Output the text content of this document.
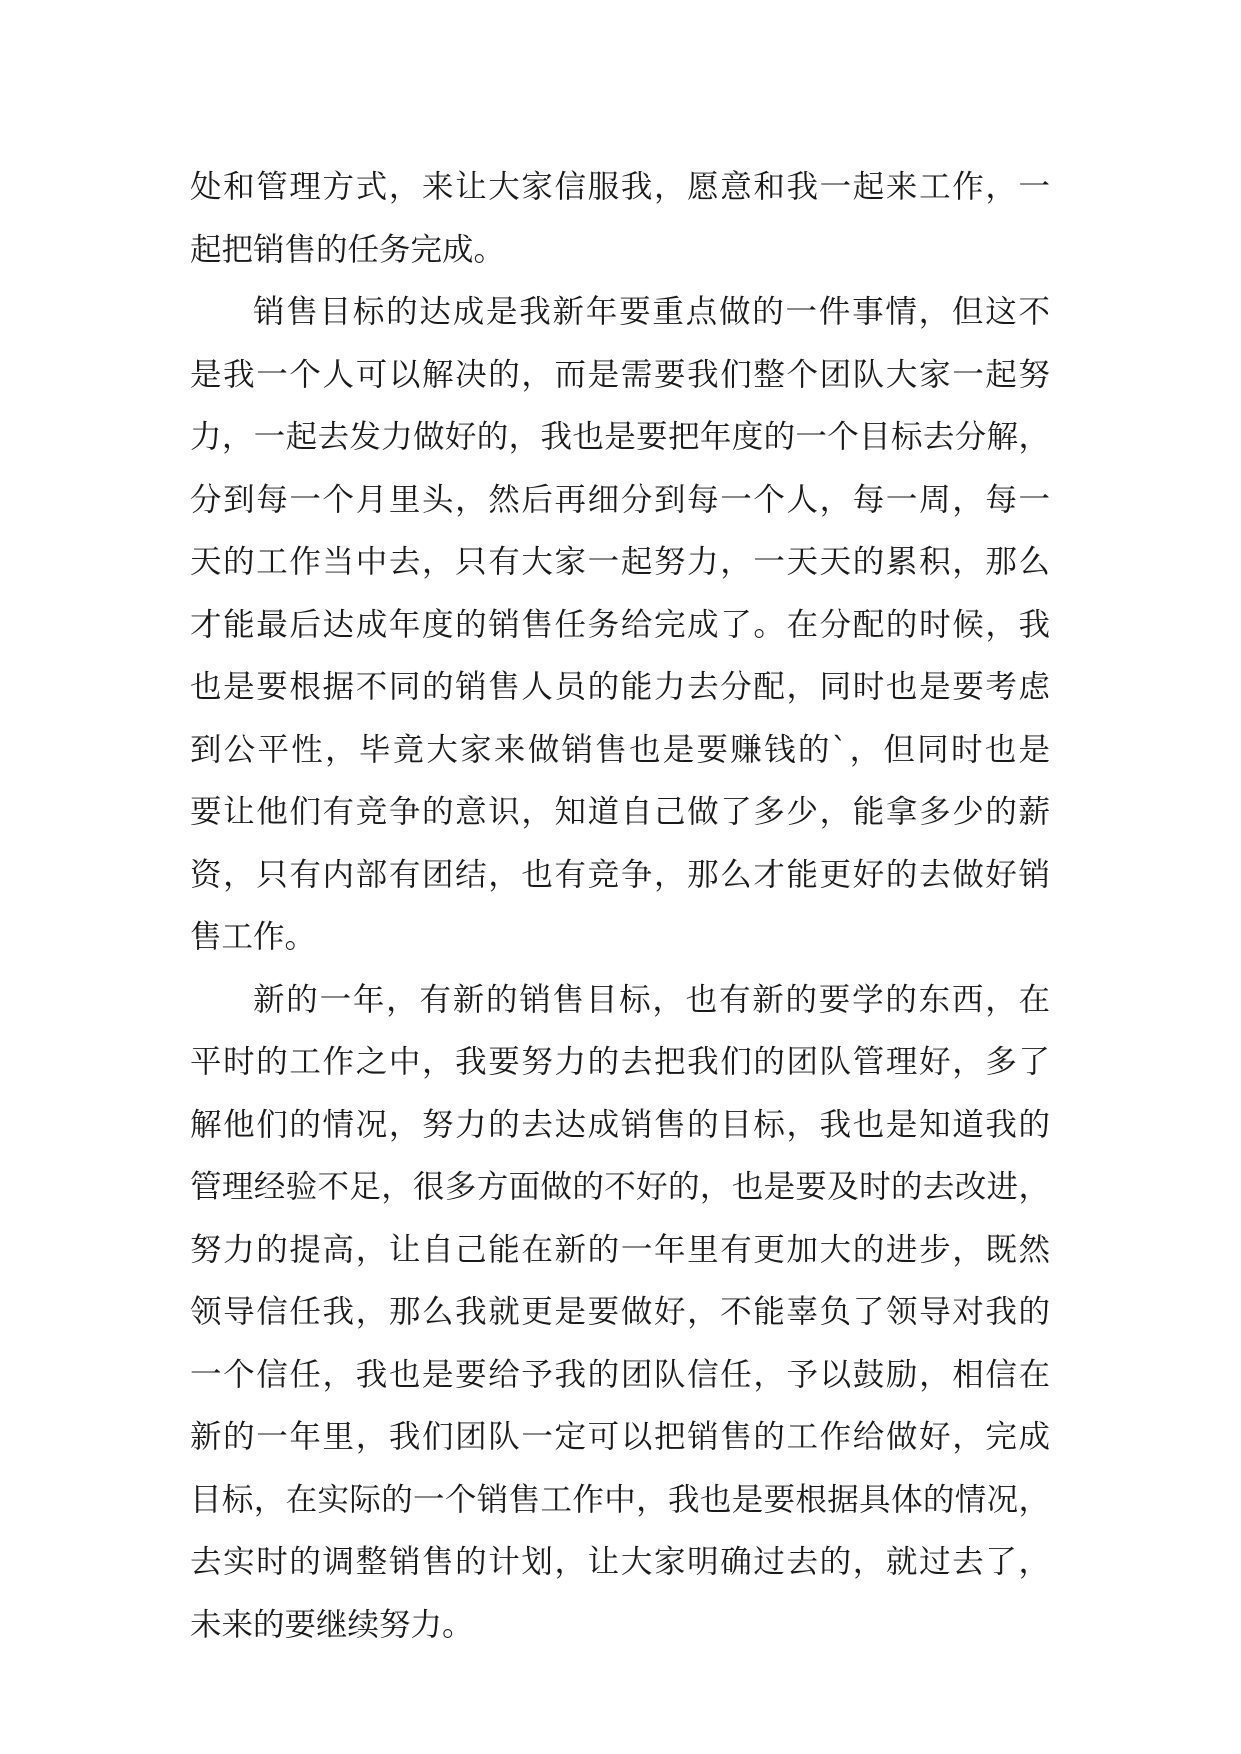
处和管理方式，来让大家信服我，愿意和我一起来工作，一
起把销售的任务完成。
销售目标的达成是我新年要重点做的一件事情，但这不
是我一个人可以解决的，而是需要我们整个团队大家一起努
力，一起去发力做好的，我也是要把年度的一个目标去分解，
分到每一个月里头，然后再细分到每一个人，每一周，每一
天的工作当中去，只有大家一起努力，一天天的累积，那么
才能最后达成年度的销售任务给完成了。在分配的时候，我
也是要根据不同的销售人员的能力去分配，同时也是要考虑
到公平性，毕竟大家来做销售也是要赚钱的`，但同时也是
要让他们有竞争的意识，知道自己做了多少，能拿多少的薪
资，只有内部有团结，也有竞争，那么才能更好的去做好销
售工作。
新的一年，有新的销售目标，也有新的要学的东西，在
平时的工作之中，我要努力的去把我们的团队管理好，多了
解他们的情况，努力的去达成销售的目标，我也是知道我的
管理经验不足，很多方面做的不好的，也是要及时的去改进，
努力的提高，让自己能在新的一年里有更加大的进步，既然
领导信任我，那么我就更是要做好，不能辜负了领导对我的
一个信任，我也是要给予我的团队信任，予以鼓励，相信在
新的一年里，我们团队一定可以把销售的工作给做好，完成
目标，在实际的一个销售工作中，我也是要根据具体的情况，
去实时的调整销售的计划，让大家明确过去的，就过去了，
未来的要继续努力。
